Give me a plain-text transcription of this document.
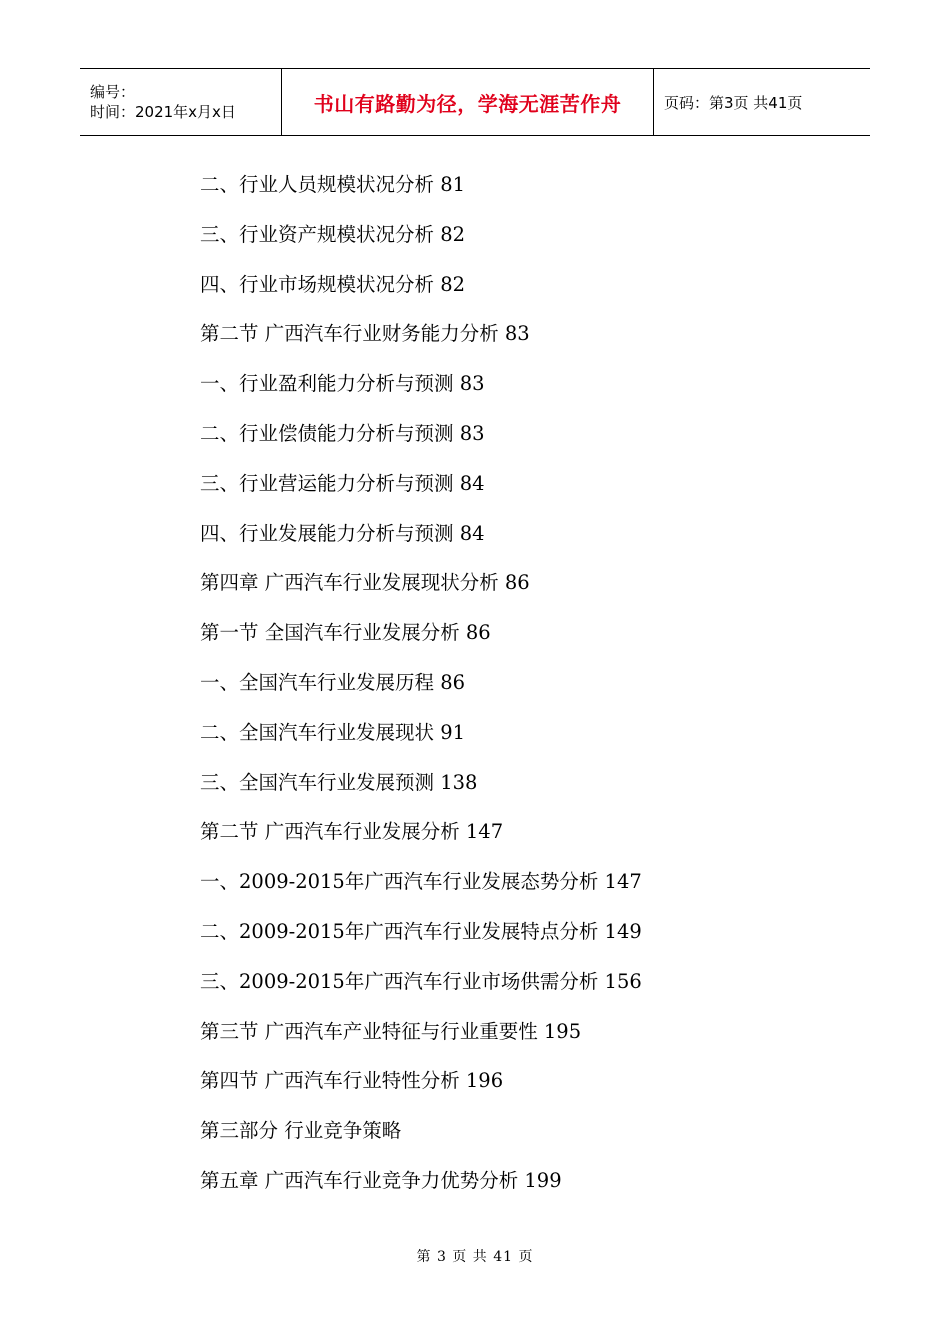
编号：
时间：2021年x月x日	书山有路勤为径，学海无涯苦作舟	页码：第3页 共41页
二、行业人员规模状况分析 81
三、行业资产规模状况分析 82
四、行业市场规模状况分析 82
第二节 广西汽车行业财务能力分析 83
一、行业盈利能力分析与预测 83
二、行业偿债能力分析与预测 83
三、行业营运能力分析与预测 84
四、行业发展能力分析与预测 84
第四章 广西汽车行业发展现状分析 86
第一节 全国汽车行业发展分析 86
一、全国汽车行业发展历程 86
二、全国汽车行业发展现状 91
三、全国汽车行业发展预测 138
第二节 广西汽车行业发展分析 147
一、2009-2015年广西汽车行业发展态势分析 147
二、2009-2015年广西汽车行业发展特点分析 149
三、2009-2015年广西汽车行业市场供需分析 156
第三节 广西汽车产业特征与行业重要性 195
第四节 广西汽车行业特性分析 196
第三部分 行业竞争策略
第五章 广西汽车行业竞争力优势分析 199
第 3 页 共 41 页
